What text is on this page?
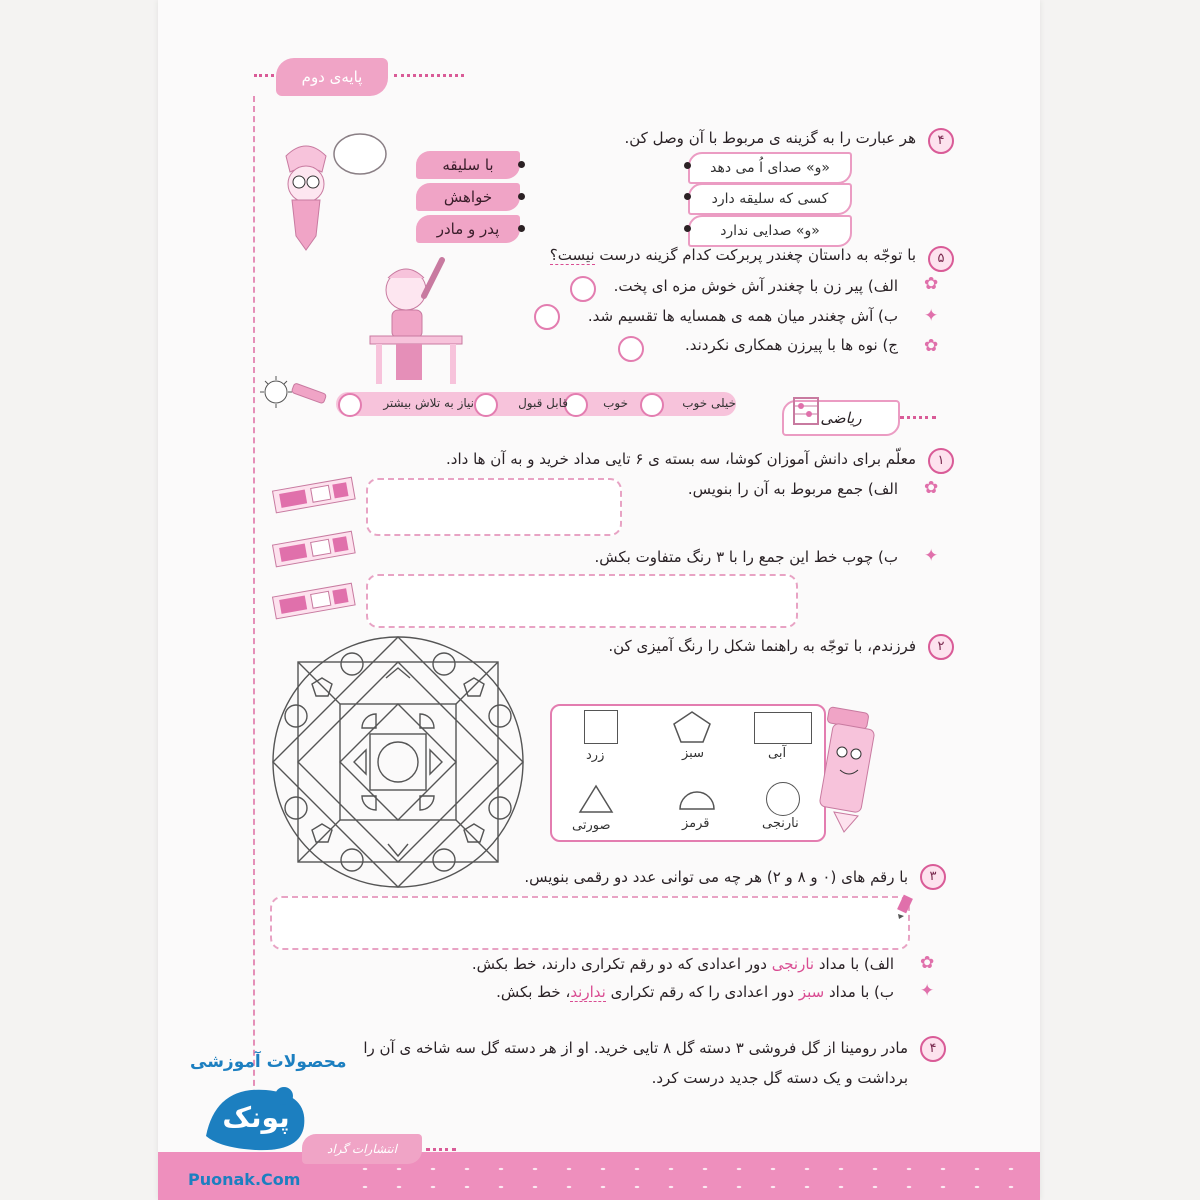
پایه‌ی دوم
۴
هر عبارت را به گزینه ی مربوط با آن وصل کن.
با سلیقه
خواهش
پدر و مادر
«و» صدای اُ می دهد
کسی که سلیقه دارد
«و» صدایی ندارد
۵
با توجّه به داستان چغندر پربرکت کدام گزینه درست نیست؟
✿
الف) پیر زن با چغندر آش خوش مزه ای پخت.
✦
ب) آش چغندر میان همه ی همسایه ها تقسیم شد.
✿
ج) نوه ها با پیرزن همکاری نکردند.
خیلی خوب
خوب
قابل قبول
نیاز به تلاش بیشتر
ریاضی
۱
معلّم برای دانش آموزان کوشا، سه بسته ی ۶ تایی مداد خرید و به آن ها داد.
✿
الف) جمع مربوط به آن را بنویس.
✦
ب) چوب خط این جمع را با ۳ رنگ متفاوت بکش.
۲
فرزندم، با توجّه به راهنما شکل را رنگ آمیزی کن.
آبی
سبز
زرد
نارنجی
قرمز
صورتی
۳
با رقم های (۰ و ۸ و ۲) هر چه می توانی عدد دو رقمی بنویس.
✿
الف) با مداد نارنجی دور اعدادی که دو رقم تکراری دارند، خط بکش.
✦
ب) با مداد سبز دور اعدادی را که رقم تکراری ندارند، خط بکش.
۴
مادر رومینا از گل فروشی ۳ دسته گل ۸ تایی خرید. او از هر دسته گل سه شاخه ی آن را
برداشت و یک دسته گل جدید درست کرد.
انتشارات گراد
محصولات آموزشی
پونک
Puonak.Com
